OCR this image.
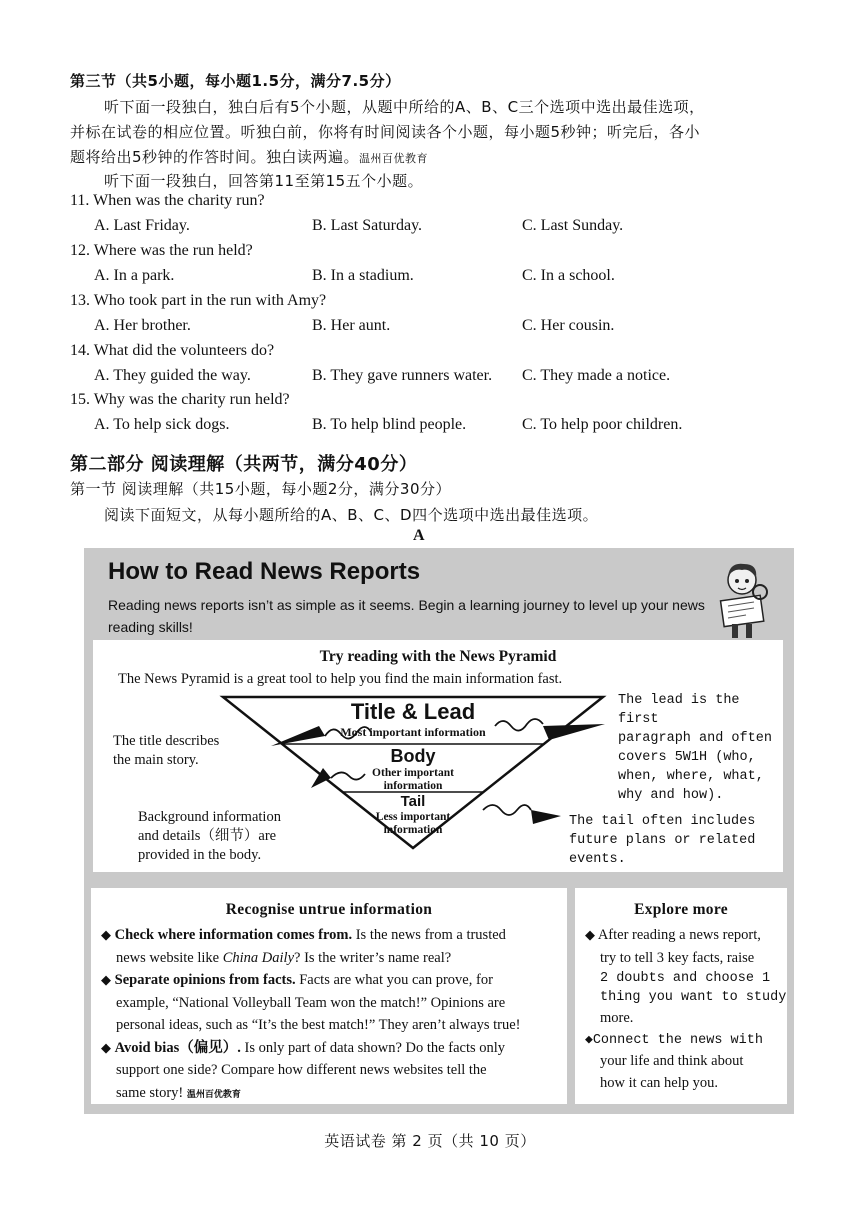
第三节（共5小题，每小题1.5分，满分7.5分）
听下面一段独白，独白后有5个小题，从题中所给的A、B、C三个选项中选出最佳选项，
并标在试卷的相应位置。听独白前，你将有时间阅读各个小题，每小题5秒钟；听完后，各小
题将给出5秒钟的作答时间。独白读两遍。温州百优教育
听下面一段独白，回答第11至第15五个小题。
11. When was the charity run?
A. Last Friday.	B. Last Saturday.	C. Last Sunday.
12. Where was the run held?
A. In a park.	B. In a stadium.	C. In a school.
13. Who took part in the run with Amy?
A. Her brother.	B. Her aunt.	C. Her cousin.
14. What did the volunteers do?
A. They guided the way.	B. They gave runners water. C. They made a notice.
15. Why was the charity run held?
A. To help sick dogs.	B. To help blind people.	C. To help poor children.
第二部分 阅读理解（共两节，满分40分）
第一节 阅读理解（共15小题，每小题2分，满分30分）
阅读下面短文，从每小题所给的A、B、C、D四个选项中选出最佳选项。
A
How to Read News Reports
Reading news reports isn’t as simple as it seems. Begin a learning journey to level up your news reading skills!
Try reading with the News Pyramid
The News Pyramid is a great tool to help you find the main information fast.
Title & Lead
Most important information
Body
Other important
information
Tail
Less important
information
The title describes
the main story.
The lead is the first
paragraph and often
covers 5W1H (who,
when, where, what,
why and how).
Background information
and details（细节）are
provided in the body.
The tail often includes
future plans or related
events.
Recognise untrue information
◆ Check where information comes from. Is the news from a trusted
news website like China Daily? Is the writer’s name real?
◆ Separate opinions from facts. Facts are what you can prove, for
example, “National Volleyball Team won the match!” Opinions are
personal ideas, such as “It’s the best match!” They aren’t always true!
◆ Avoid bias（偏见）. Is only part of data shown? Do the facts only
support one side? Compare how different news websites tell the
same story! 温州百优教育
Explore more
◆ After reading a news report,
try to tell 3 key facts, raise
2 doubts and choose 1
thing you want to study
more.
◆Connect the news with
your life and think about
how it can help you.
英语试卷 第 2 页（共 10 页）
